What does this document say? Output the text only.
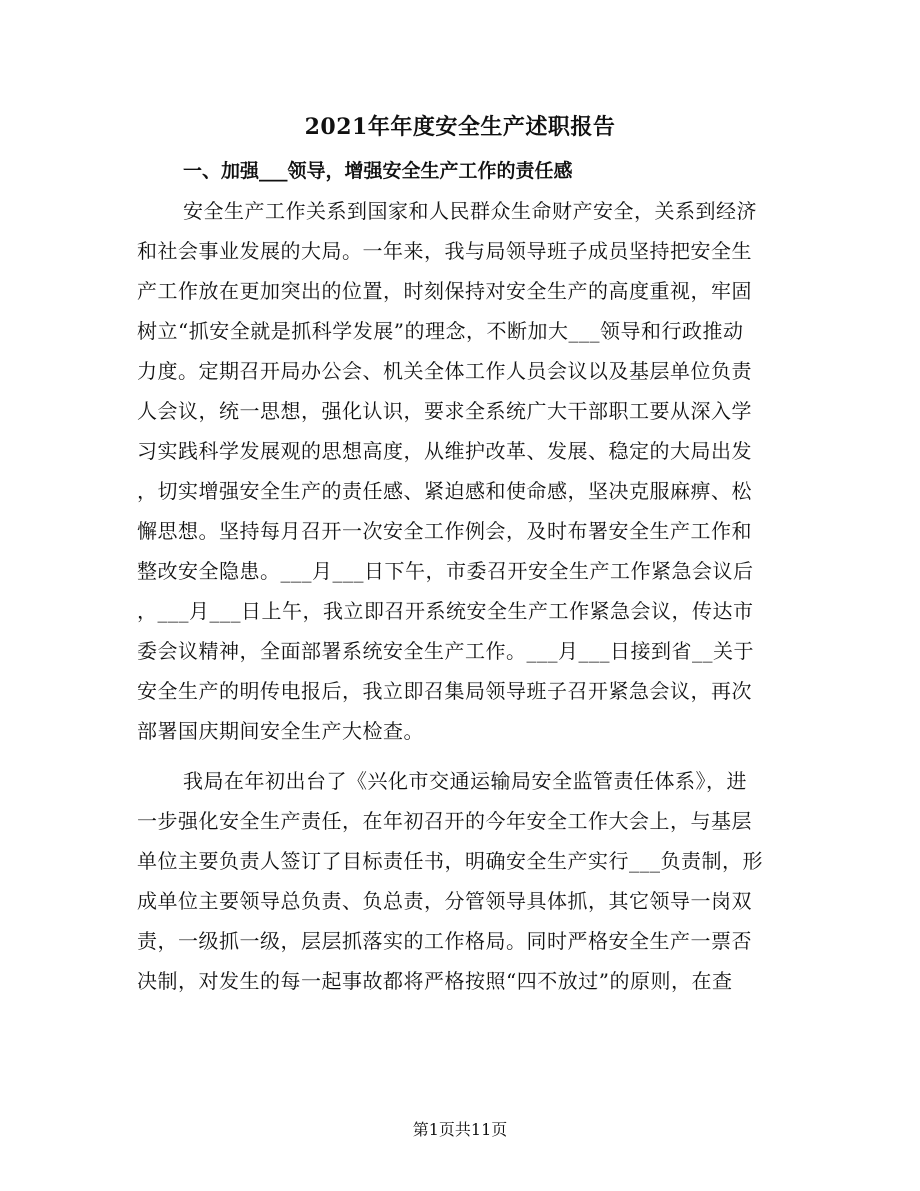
2021年年度安全生产述职报告
一、加强___领导，增强安全生产工作的责任感
安全生产工作关系到国家和人民群众生命财产安全，关系到经济
和社会事业发展的大局。一年来，我与局领导班子成员坚持把安全生
产工作放在更加突出的位置，时刻保持对安全生产的高度重视，牢固
树立“抓安全就是抓科学发展”的理念，不断加大___领导和行政推动
力度。定期召开局办公会、机关全体工作人员会议以及基层单位负责
人会议，统一思想，强化认识，要求全系统广大干部职工要从深入学
习实践科学发展观的思想高度，从维护改革、发展、稳定的大局出发
，切实增强安全生产的责任感、紧迫感和使命感，坚决克服麻痹、松
懈思想。坚持每月召开一次安全工作例会，及时布署安全生产工作和
整改安全隐患。___月___日下午，市委召开安全生产工作紧急会议后
，___月___日上午，我立即召开系统安全生产工作紧急会议，传达市
委会议精神，全面部署系统安全生产工作。___月___日接到省__关于
安全生产的明传电报后，我立即召集局领导班子召开紧急会议，再次
部署国庆期间安全生产大检查。
我局在年初出台了《兴化市交通运输局安全监管责任体系》，进
一步强化安全生产责任，在年初召开的今年安全工作大会上，与基层
单位主要负责人签订了目标责任书，明确安全生产实行___负责制，形
成单位主要领导总负责、负总责，分管领导具体抓，其它领导一岗双
责，一级抓一级，层层抓落实的工作格局。同时严格安全生产一票否
决制，对发生的每一起事故都将严格按照“四不放过”的原则，在查
第1页共11页
